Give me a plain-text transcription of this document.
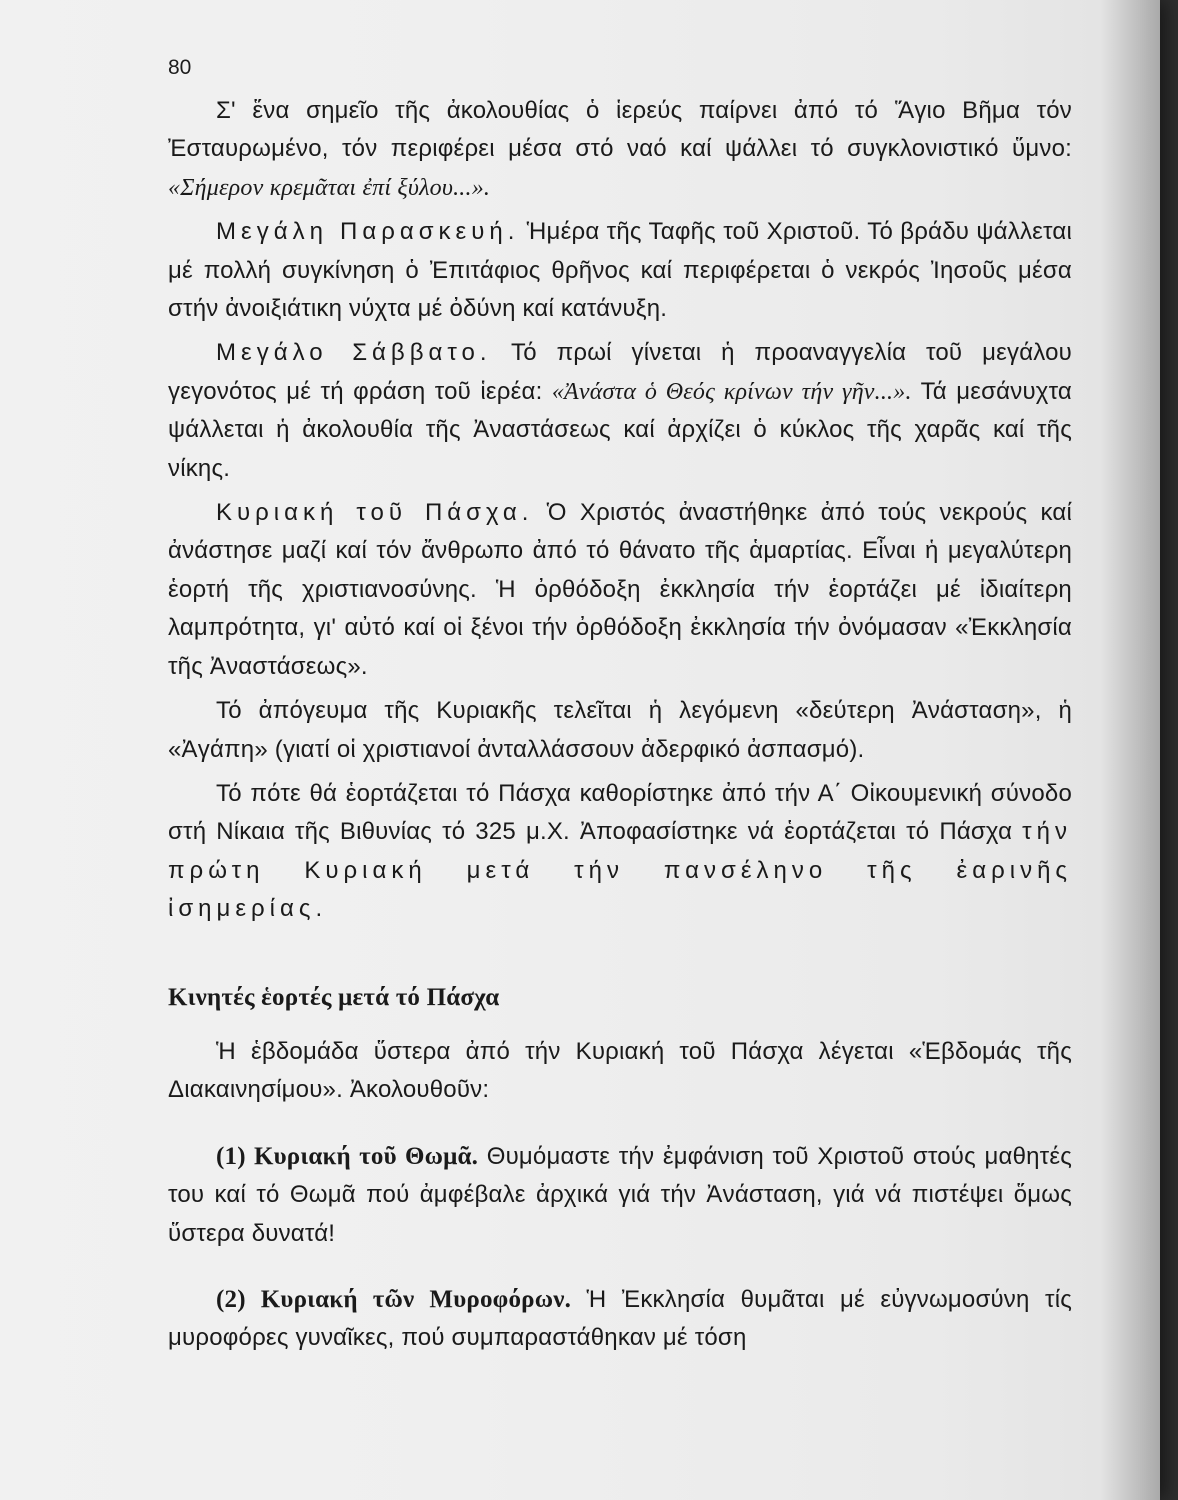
80

Σ' ἕνα σημεῖο τῆς ἀκολουθίας ὁ ἱερεύς παίρνει ἀπό τό Ἅγιο Βῆμα τόν Ἐσταυρωμένο, τόν περιφέρει μέσα στό ναό καί ψάλλει τό συγκλονιστικό ὕμνο: «Σήμερον κρεμᾶται ἐπί ξύλου...».

Μεγάλη Παρασκευή. Ἡμέρα τῆς Ταφῆς τοῦ Χριστοῦ. Τό βράδυ ψάλλεται μέ πολλή συγκίνηση ὁ Ἐπιτάφιος θρῆνος καί περιφέρεται ὁ νεκρός Ἰησοῦς μέσα στήν ἀνοιξιάτικη νύχτα μέ ὀδύνη καί κατάνυξη.

Μεγάλο Σάββατο. Τό πρωί γίνεται ἡ προαναγγελία τοῦ μεγάλου γεγονότος μέ τή φράση τοῦ ἱερέα: «Ἀνάστα ὁ Θεός κρίνων τήν γῆν...». Τά μεσάνυχτα ψάλλεται ἡ ἀκολουθία τῆς Ἀναστάσεως καί ἀρχίζει ὁ κύκλος τῆς χαρᾶς καί τῆς νίκης.

Κυριακή τοῦ Πάσχα. Ὁ Χριστός ἀναστήθηκε ἀπό τούς νεκρούς καί ἀνάστησε μαζί καί τόν ἄνθρωπο ἀπό τό θάνατο τῆς ἁμαρτίας. Εἶναι ἡ μεγαλύτερη ἑορτή τῆς χριστιανοσύνης. Ἡ ὀρθόδοξη ἐκκλησία τήν ἑορτάζει μέ ἰδιαίτερη λαμπρότητα, γι' αὐτό καί οἱ ξένοι τήν ὀρθόδοξη ἐκκλησία τήν ὀνόμασαν «Ἐκκλησία τῆς Ἀναστάσεως».

Τό ἀπόγευμα τῆς Κυριακῆς τελεῖται ἡ λεγόμενη «δεύτερη Ἀνάσταση», ἡ «Ἀγάπη» (γιατί οἱ χριστιανοί ἀνταλλάσσουν ἀδερφικό ἀσπασμό).

Τό πότε θά ἑορτάζεται τό Πάσχα καθορίστηκε ἀπό τήν Α΄ Οἰκουμενική σύνοδο στή Νίκαια τῆς Βιθυνίας τό 325 μ.Χ. Ἀποφασίστηκε νά ἑορτάζεται τό Πάσχα τήν πρώτη Κυριακή μετά τήν πανσέληνο τῆς ἐαρινῆς ἰσημερίας.

Κινητές ἑορτές μετά τό Πάσχα

Ἡ ἑβδομάδα ὕστερα ἀπό τήν Κυριακή τοῦ Πάσχα λέγεται «Ἑβδομάς τῆς Διακαινησίμου». Ἀκολουθοῦν:

(1) Κυριακή τοῦ Θωμᾶ. Θυμόμαστε τήν ἐμφάνιση τοῦ Χριστοῦ στούς μαθητές του καί τό Θωμᾶ πού ἀμφέβαλε ἀρχικά γιά τήν Ἀνάσταση, γιά νά πιστέψει ὅμως ὕστερα δυνατά!

(2) Κυριακή τῶν Μυροφόρων. Ἡ Ἐκκλησία θυμᾶται μέ εὐγνωμοσύνη τίς μυροφόρες γυναῖκες, πού συμπαραστάθηκαν μέ τόση
